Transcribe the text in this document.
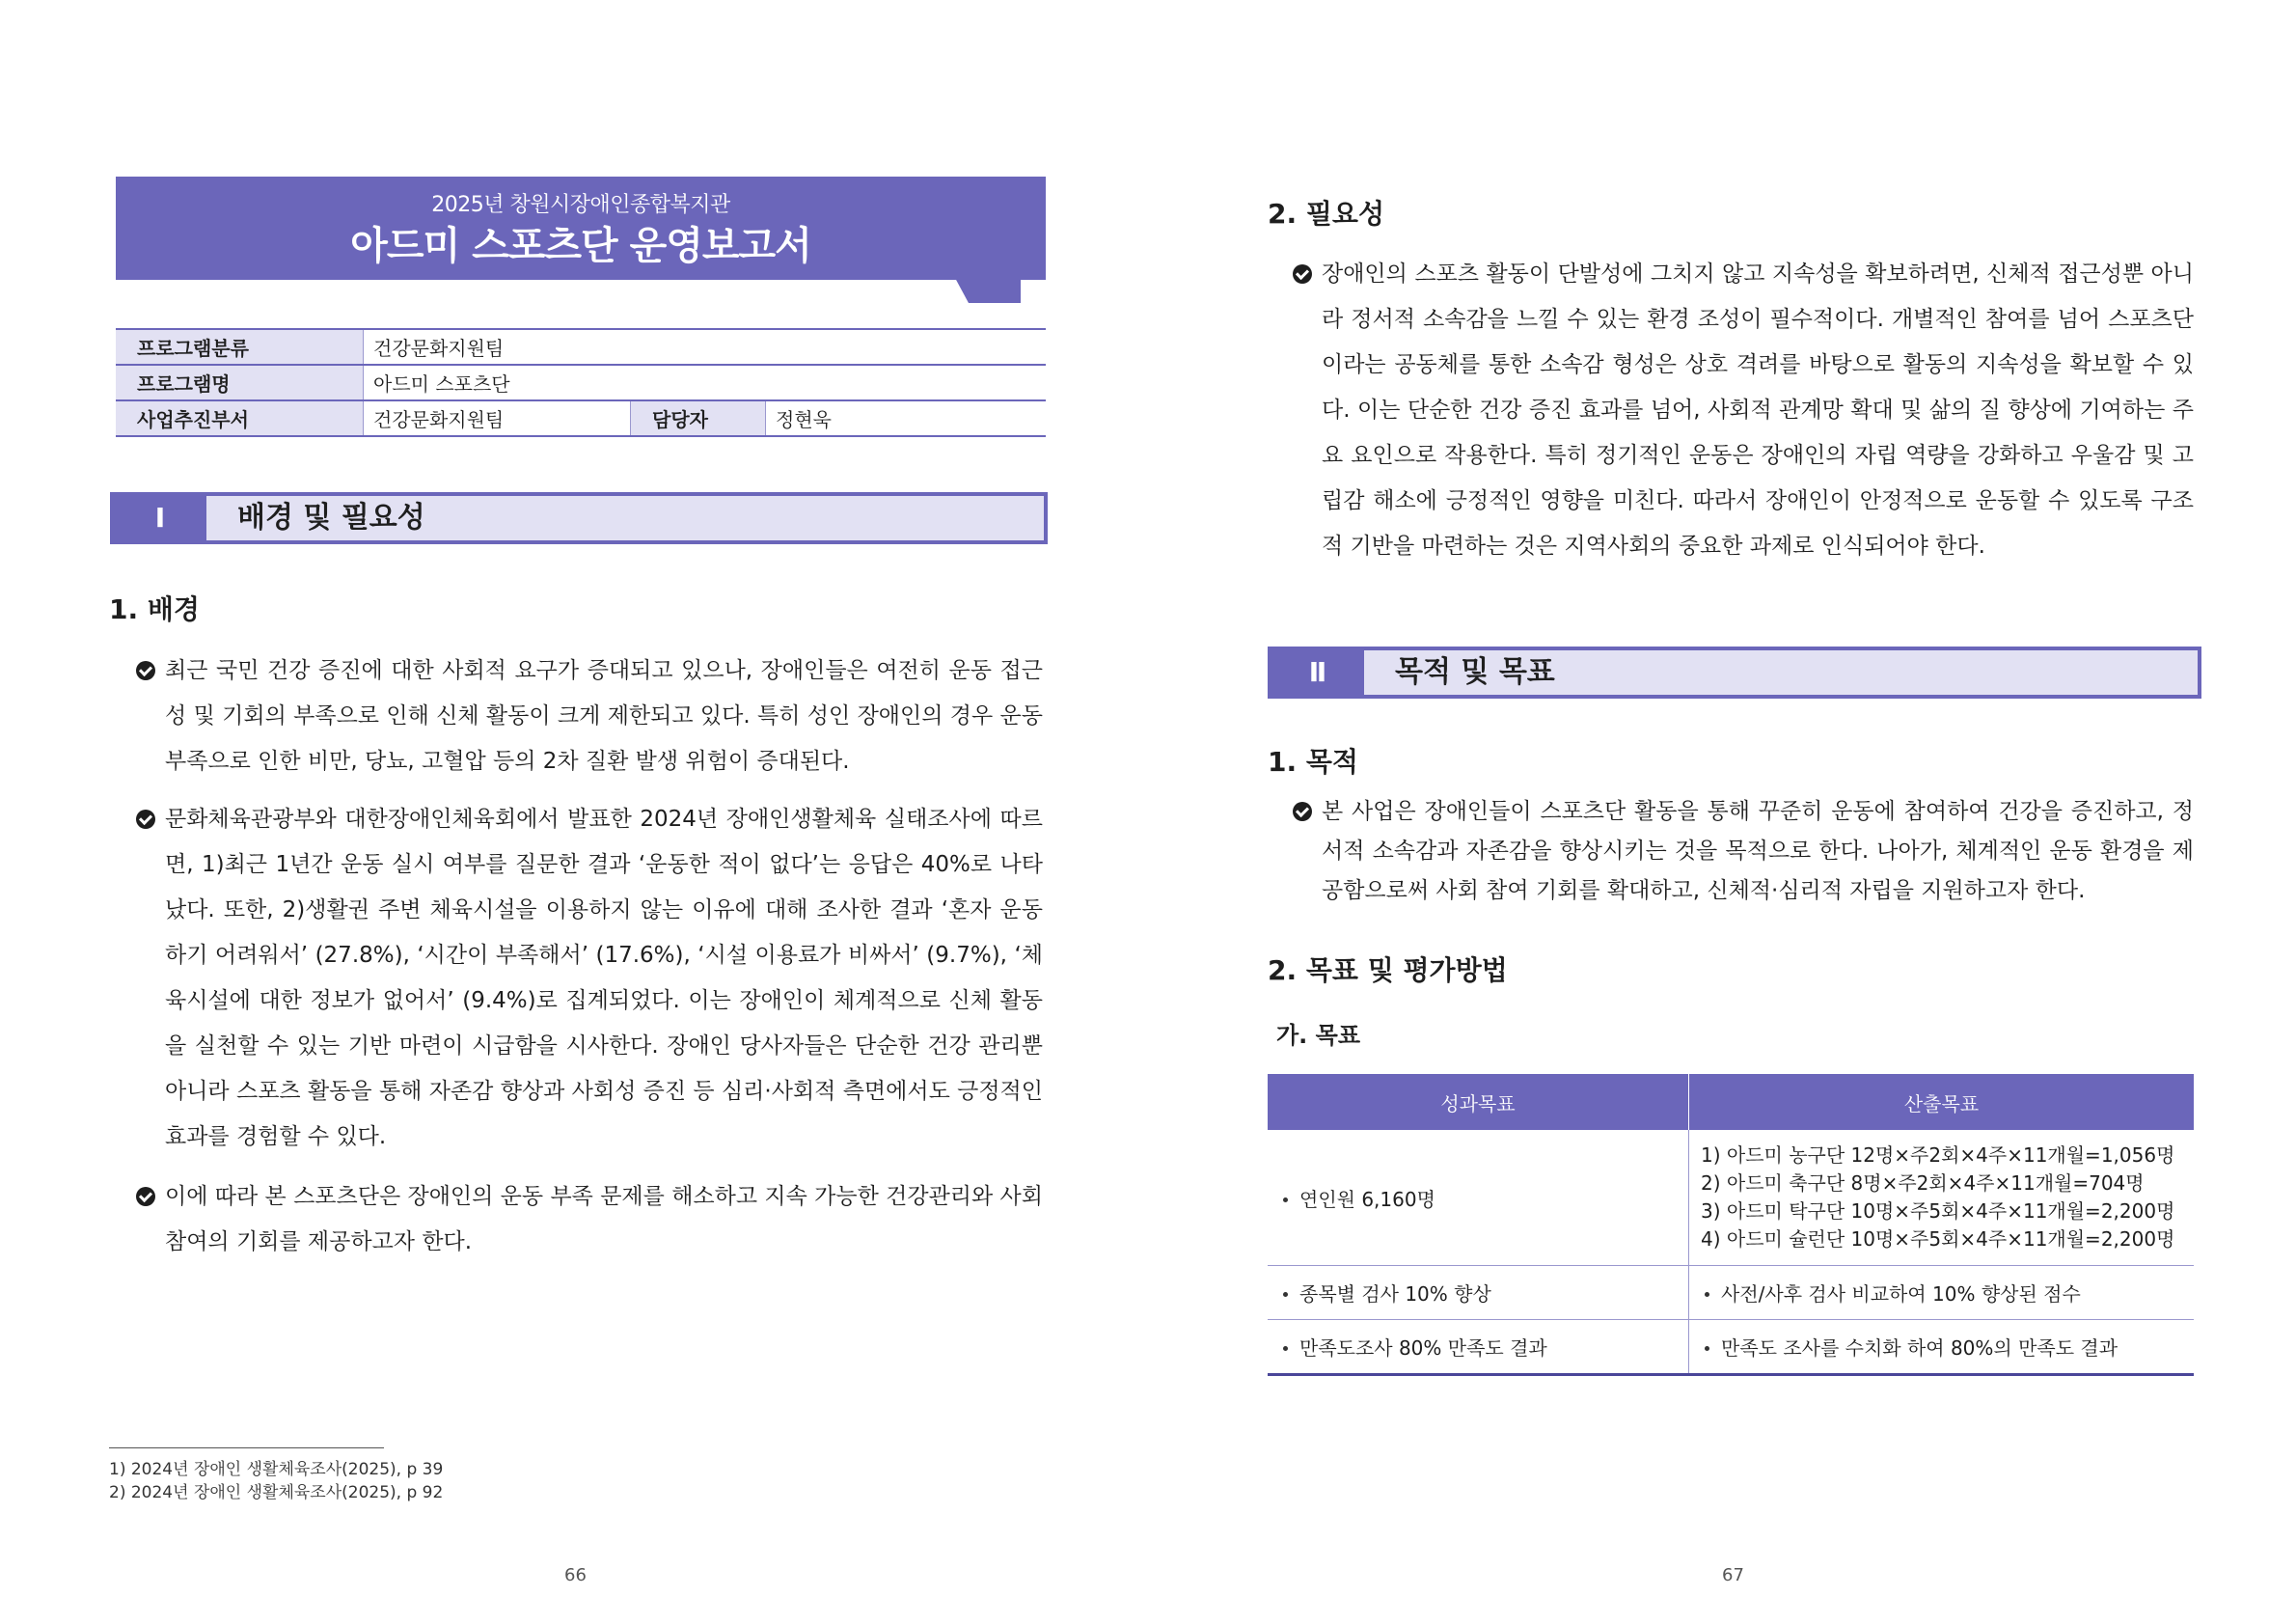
2025년 창원시장애인종합복지관
아드미 스포츠단 운영보고서
프로그램분류	건강문화지원팀		
프로그램명	아드미 스포츠단		
사업추진부서	건강문화지원팀	담당자	정현욱
Ⅰ	배경 및 필요성
1. 배경
최근 국민 건강 증진에 대한 사회적 요구가 증대되고 있으나, 장애인들은 여전히 운동 접근성 및 기회의 부족으로 인해 신체 활동이 크게 제한되고 있다. 특히 성인 장애인의 경우 운동 부족으로 인한 비만, 당뇨, 고혈압 등의 2차 질환 발생 위험이 증대된다.
문화체육관광부와 대한장애인체육회에서 발표한 2024년 장애인생활체육 실태조사에 따르면, 1)최근 1년간 운동 실시 여부를 질문한 결과 ‘운동한 적이 없다’는 응답은 40%로 나타났다. 또한, 2)생활권 주변 체육시설을 이용하지 않는 이유에 대해 조사한 결과 ‘혼자 운동하기 어려워서’ (27.8%), ‘시간이 부족해서’ (17.6%), ‘시설 이용료가 비싸서’ (9.7%), ‘체육시설에 대한 정보가 없어서’ (9.4%)로 집계되었다. 이는 장애인이 체계적으로 신체 활동을 실천할 수 있는 기반 마련이 시급함을 시사한다. 장애인 당사자들은 단순한 건강 관리뿐 아니라 스포츠 활동을 통해 자존감 향상과 사회성 증진 등 심리·사회적 측면에서도 긍정적인 효과를 경험할 수 있다.
이에 따라 본 스포츠단은 장애인의 운동 부족 문제를 해소하고 지속 가능한 건강관리와 사회 참여의 기회를 제공하고자 한다.
1) 2024년 장애인 생활체육조사(2025), p 39
2) 2024년 장애인 생활체육조사(2025), p 92
66
2. 필요성
장애인의 스포츠 활동이 단발성에 그치지 않고 지속성을 확보하려면, 신체적 접근성뿐 아니라 정서적 소속감을 느낄 수 있는 환경 조성이 필수적이다. 개별적인 참여를 넘어 스포츠단이라는 공동체를 통한 소속감 형성은 상호 격려를 바탕으로 활동의 지속성을 확보할 수 있다. 이는 단순한 건강 증진 효과를 넘어, 사회적 관계망 확대 및 삶의 질 향상에 기여하는 주요 요인으로 작용한다. 특히 정기적인 운동은 장애인의 자립 역량을 강화하고 우울감 및 고립감 해소에 긍정적인 영향을 미친다. 따라서 장애인이 안정적으로 운동할 수 있도록 구조적 기반을 마련하는 것은 지역사회의 중요한 과제로 인식되어야 한다.
Ⅱ	목적 및 목표
1. 목적
본 사업은 장애인들이 스포츠단 활동을 통해 꾸준히 운동에 참여하여 건강을 증진하고, 정서적 소속감과 자존감을 향상시키는 것을 목적으로 한다. 나아가, 체계적인 운동 환경을 제공함으로써 사회 참여 기회를 확대하고, 신체적·심리적 자립을 지원하고자 한다.
2. 목표 및 평가방법
가. 목표
성과목표	산출목표
연인원 6,160명	1) 아드미 농구단 12명×주2회×4주×11개월=1,056명
2) 아드미 축구단 8명×주2회×4주×11개월=704명
3) 아드미 탁구단 10명×주5회×4주×11개월=2,200명
4) 아드미 슐런단 10명×주5회×4주×11개월=2,200명

종목별 검사 10% 향상	사전/사후 검사 비교하여 10% 향상된 점수
만족도조사 80% 만족도 결과	만족도 조사를 수치화 하여 80%의 만족도 결과
67
